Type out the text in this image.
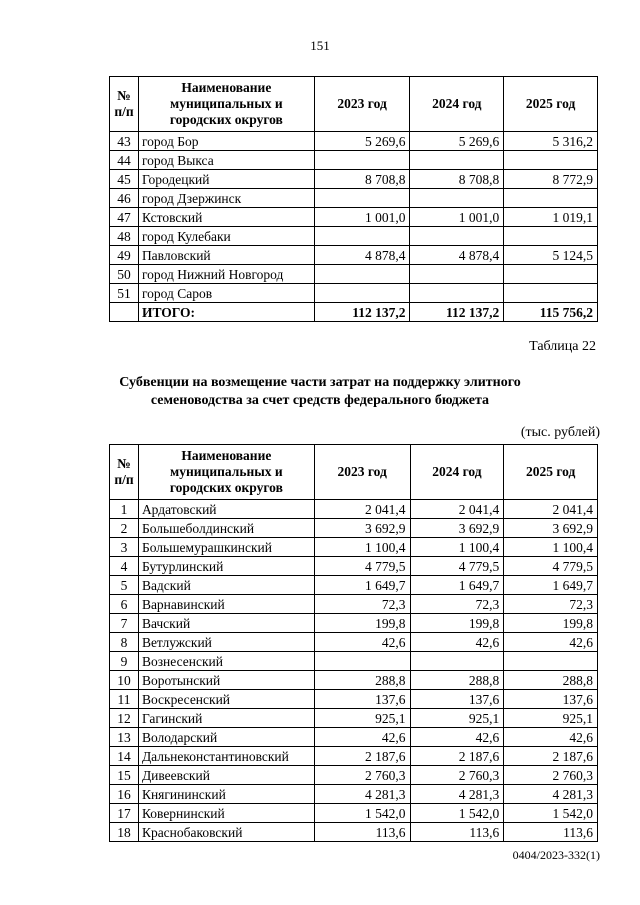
151
№ п/п	Наименование муниципальных и городских округов	2023 год	2024 год	2025 год
43	город Бор	5 269,6	5 269,6	5 316,2
44	город Выкса			
45	Городецкий	8 708,8	8 708,8	8 772,9
46	город Дзержинск			
47	Кстовский	1 001,0	1 001,0	1 019,1
48	город Кулебаки			
49	Павловский	4 878,4	4 878,4	5 124,5
50	город Нижний Новгород			
51	город Саров			
	ИТОГО:	112 137,2	112 137,2	115 756,2
Таблица 22
Субвенции на возмещение части затрат на поддержку элитного семеноводства за счет средств федерального бюджета
(тыс. рублей)
№ п/п	Наименование муниципальных и городских округов	2023 год	2024 год	2025 год
1	Ардатовский	2 041,4	2 041,4	2 041,4
2	Большеболдинский	3 692,9	3 692,9	3 692,9
3	Большемурашкинский	1 100,4	1 100,4	1 100,4
4	Бутурлинский	4 779,5	4 779,5	4 779,5
5	Вадский	1 649,7	1 649,7	1 649,7
6	Варнавинский	72,3	72,3	72,3
7	Вачский	199,8	199,8	199,8
8	Ветлужский	42,6	42,6	42,6
9	Вознесенский			
10	Воротынский	288,8	288,8	288,8
11	Воскресенский	137,6	137,6	137,6
12	Гагинский	925,1	925,1	925,1
13	Володарский	42,6	42,6	42,6
14	Дальнеконстантиновский	2 187,6	2 187,6	2 187,6
15	Дивеевский	2 760,3	2 760,3	2 760,3
16	Княгининский	4 281,3	4 281,3	4 281,3
17	Ковернинский	1 542,0	1 542,0	1 542,0
18	Краснобаковский	113,6	113,6	113,6
0404/2023-332(1)
